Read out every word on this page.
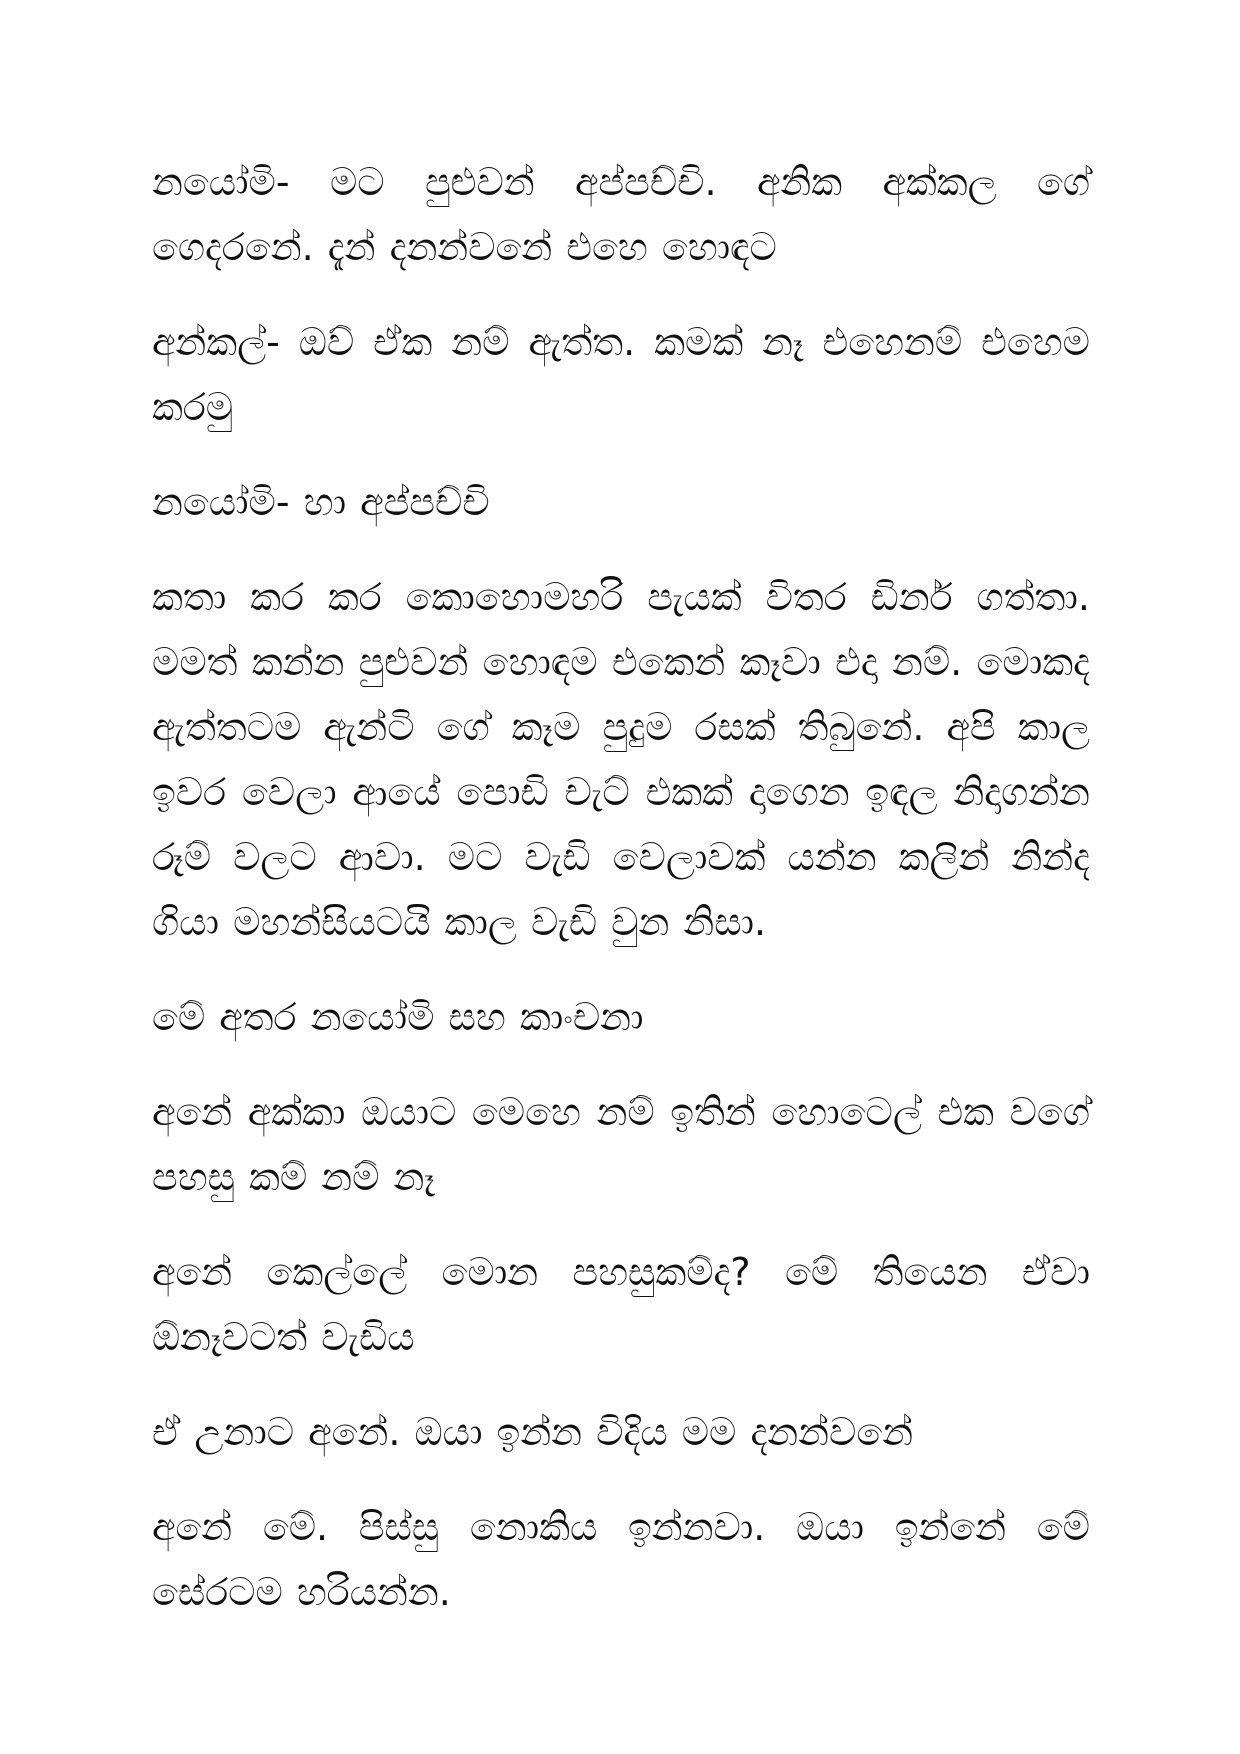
නයෝමි- මට පුළුවන් අප්පච්චි. අනික අක්කල ගේ ගෙදරනේ. දැන් දනන්වනේ එහෙ හොඳට

අන්කල්- ඔව් ඒක නම් ඇත්ත. කමක් නෑ එහෙනම් එහෙම කරමු

නයෝමි- හා අප්පච්චි

කතා කර කර කොහොමහරි පැයක් විතර ඩිනර් ගත්තා. මමත් කන්න පුළුවන් හොඳම එකෙන් කෑවා එදා නම්. මොකද ඇත්තටම ඇන්ටි ගේ කෑම පුදුම රසක් තිබුනේ. අපි කාල ඉවර වෙලා ආයේ පොඩි චැට් එකක් දාගෙන ඉඳල නිදාගන්න රූම් වලට ආවා. මට වැඩි වෙලාවක් යන්න කලින් නින්ද ගියා මහන්සියටයි කාල වැඩි වුන නිසා.

මේ අතර නයෝමි සහ කාංචනා

අනේ අක්කා ඔයාට මෙහෙ නම් ඉතින් හොටෙල් එක වගේ පහසු කම් නම් නෑ

අනේ කෙල්ලේ මොන පහසුකම්ද? මේ තියෙන ඒවා ඕනෑවටත් වැඩිය

ඒ උනාට අනේ. ඔයා ඉන්න විදිය මම දනන්වනේ

අනේ මේ. පිස්සු නොකිය ඉන්නවා. ඔයා ඉන්නේ මේ සේරටම හරියන්න.
